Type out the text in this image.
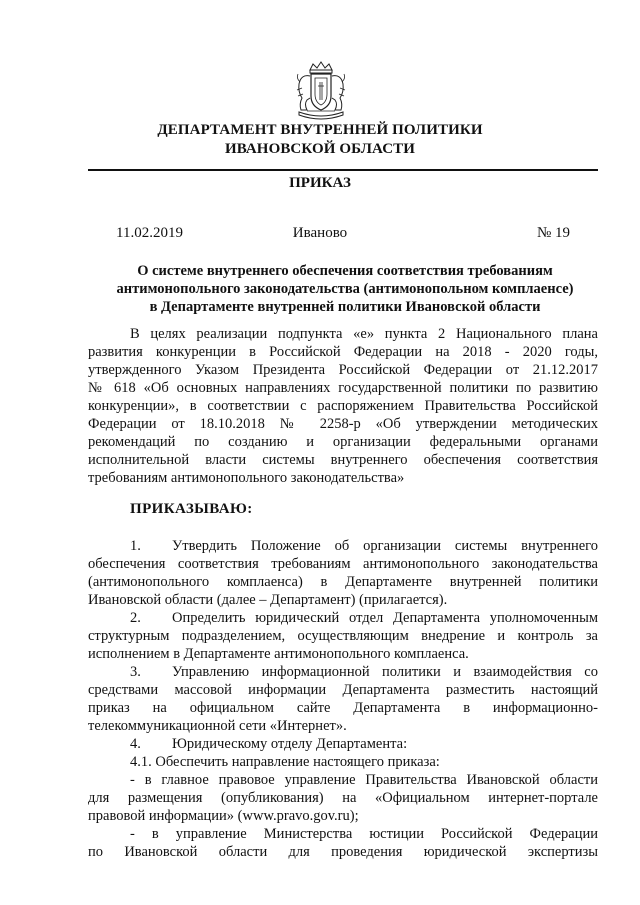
ДЕПАРТАМЕНТ ВНУТРЕННЕЙ ПОЛИТИКИ
ИВАНОВСКОЙ ОБЛАСТИ
ПРИКАЗ
11.02.2019	Иваново	№ 19
О системе внутреннего обеспечения соответствия требованиям
антимонопольного законодательства (антимонопольном комплаенсе)
в Департаменте внутренней политики Ивановской области
В целях реализации подпункта «е» пункта 2 Национального плана
развития конкуренции в Российской Федерации на 2018 - 2020 годы,
утвержденного Указом Президента Российской Федерации от 21.12.2017
№ 618 «Об основных направлениях государственной политики по развитию
конкуренции», в соответствии с распоряжением Правительства Российской
Федерации от 18.10.2018 № 2258-р «Об утверждении методических
рекомендаций по созданию и организации федеральными органами
исполнительной власти системы внутреннего обеспечения соответствия
требованиям антимонопольного законодательства»
ПРИКАЗЫВАЮ:
1. Утвердить Положение об организации системы внутреннего
обеспечения соответствия требованиям антимонопольного законодательства
(антимонопольного комплаенса) в Департаменте внутренней политики
Ивановской области (далее – Департамент) (прилагается).
2. Определить юридический отдел Департамента уполномоченным
структурным подразделением, осуществляющим внедрение и контроль за
исполнением в Департаменте антимонопольного комплаенса.
3. Управлению информационной политики и взаимодействия со
средствами массовой информации Департамента разместить настоящий
приказ на официальном сайте Департамента в информационно-
телекоммуникационной сети «Интернет».
4. Юридическому отделу Департамента:
4.1. Обеспечить направление настоящего приказа:
- в главное правовое управление Правительства Ивановской области
для размещения (опубликования) на «Официальном интернет-портале
правовой информации» (www.pravo.gov.ru);
- в управление Министерства юстиции Российской Федерации
по Ивановской области для проведения юридической экспертизы
